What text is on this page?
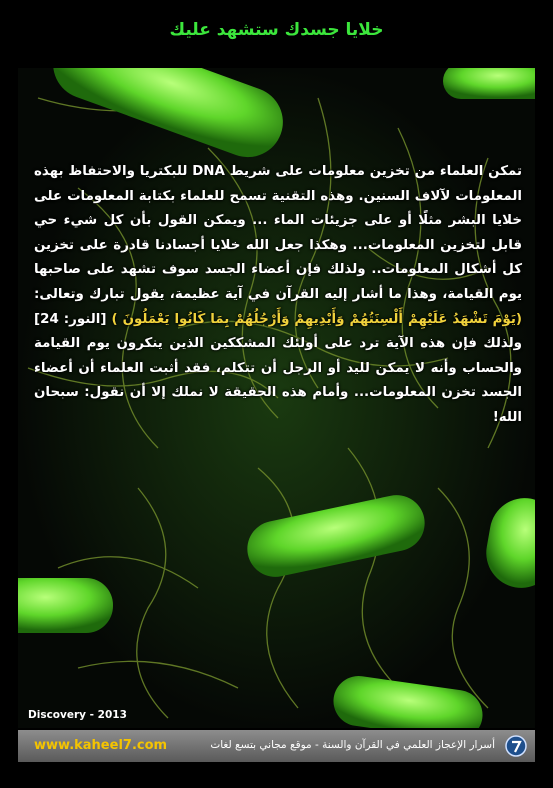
خلايا جسدك ستشهد عليك
تمكن العلماء من تخزين معلومات على شريط DNA للبكتريا والاحتفاظ بهذه المعلومات لآلاف السنين. وهذه التقنية تسمح للعلماء بكتابة المعلومات على خلايا البشر مثلًا أو على جزيئات الماء ... ويمكن القول بأن كل شيء حي قابل لتخزين المعلومات... وهكذا جعل الله خلايا أجسادنا قادرة على تخزين كل أشكال المعلومات.. ولذلك فإن أعضاء الجسد سوف تشهد على صاحبها يوم القيامة، وهذا ما أشار إليه القرآن في آية عظيمة، يقول تبارك وتعالى: (يَوْمَ تَشْهَدُ عَلَيْهِمْ أَلْسِنَتُهُمْ وَأَيْدِيهِمْ وَأَرْجُلُهُمْ بِمَا كَانُوا يَعْمَلُونَ ) [النور: 24] ولذلك فإن هذه الآية ترد على أولئك المشككين الذين ينكرون يوم القيامة والحساب وأنه لا يمكن لليد أو الرجل أن تتكلم، فقد أثبت العلماء أن أعضاء الجسد تخزن المعلومات... وأمام هذه الحقيقة لا نملك إلا أن نقول: سبحان الله!
Discovery - 2013
www.kaheel7.com	أسرار الإعجاز العلمي في القرآن والسنة - موقع مجاني بتسع لغات
